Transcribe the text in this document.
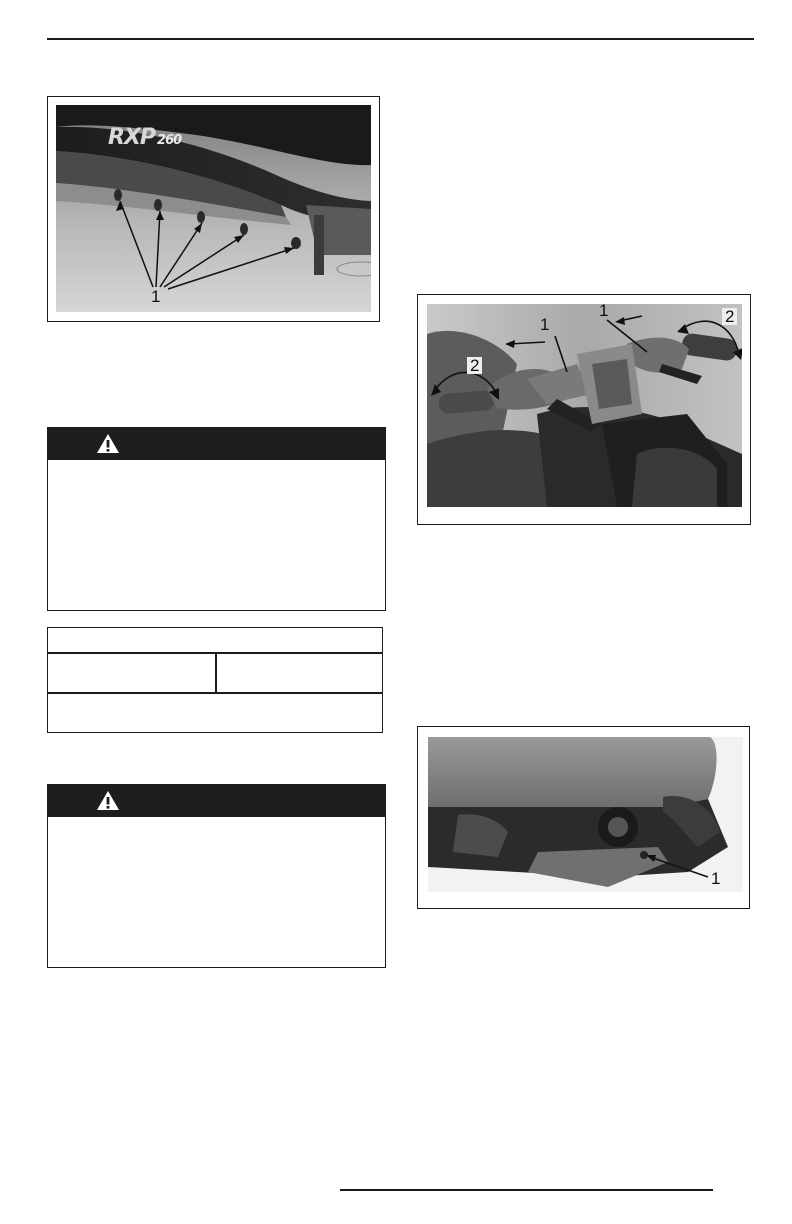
RXP 260
1
1
1
2
2
1
